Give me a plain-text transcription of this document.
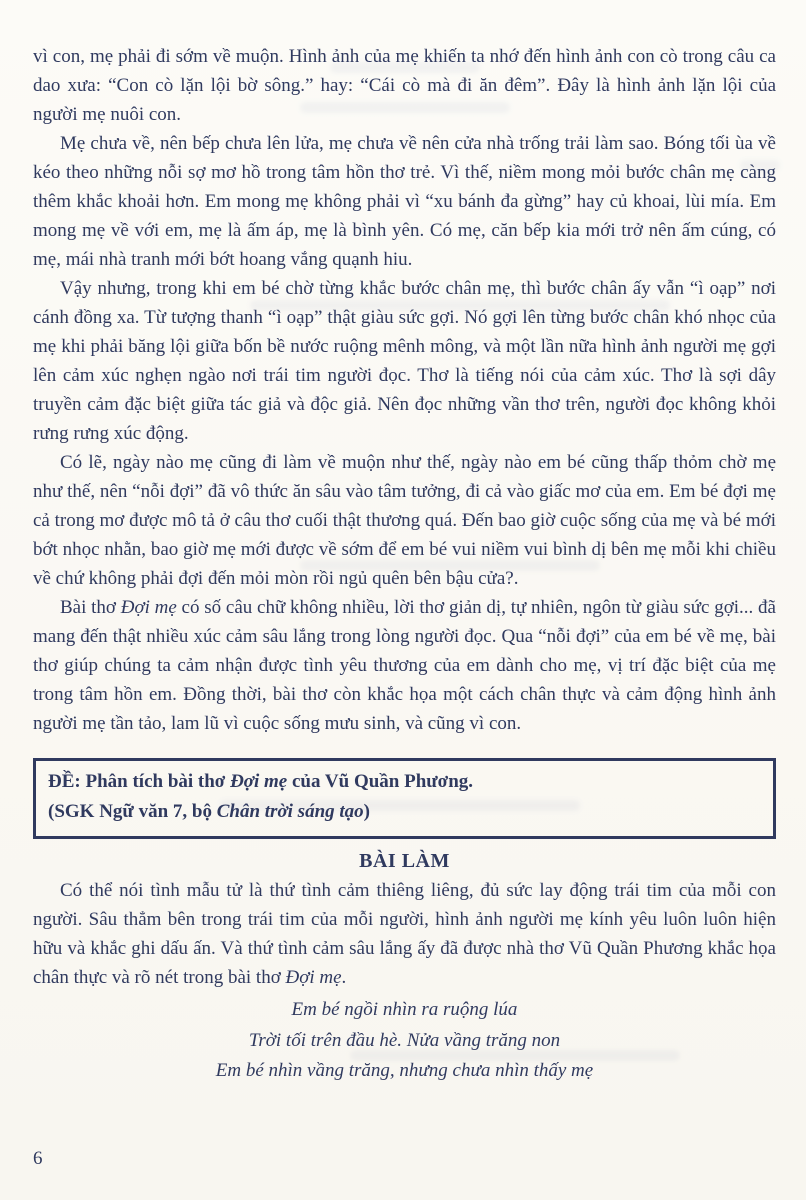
vì con, mẹ phải đi sớm về muộn. Hình ảnh của mẹ khiến ta nhớ đến hình ảnh con cò trong câu ca dao xưa: “Con cò lặn lội bờ sông.” hay: “Cái cò mà đi ăn đêm”. Đây là hình ảnh lặn lội của người mẹ nuôi con.

Mẹ chưa về, nên bếp chưa lên lửa, mẹ chưa về nên cửa nhà trống trải làm sao. Bóng tối ùa về kéo theo những nỗi sợ mơ hồ trong tâm hồn thơ trẻ. Vì thế, niềm mong mỏi bước chân mẹ càng thêm khắc khoải hơn. Em mong mẹ không phải vì “xu bánh đa gừng” hay củ khoai, lùi mía. Em mong mẹ về với em, mẹ là ấm áp, mẹ là bình yên. Có mẹ, căn bếp kia mới trở nên ấm cúng, có mẹ, mái nhà tranh mới bớt hoang vắng quạnh hiu.

Vậy nhưng, trong khi em bé chờ từng khắc bước chân mẹ, thì bước chân ấy vẫn “ì oạp” nơi cánh đồng xa. Từ tượng thanh “ì oạp” thật giàu sức gợi. Nó gợi lên từng bước chân khó nhọc của mẹ khi phải băng lội giữa bốn bề nước ruộng mênh mông, và một lần nữa hình ảnh người mẹ gợi lên cảm xúc nghẹn ngào nơi trái tim người đọc. Thơ là tiếng nói của cảm xúc. Thơ là sợi dây truyền cảm đặc biệt giữa tác giả và độc giả. Nên đọc những vần thơ trên, người đọc không khỏi rưng rưng xúc động.

Có lẽ, ngày nào mẹ cũng đi làm về muộn như thế, ngày nào em bé cũng thấp thỏm chờ mẹ như thế, nên “nỗi đợi” đã vô thức ăn sâu vào tâm tưởng, đi cả vào giấc mơ của em. Em bé đợi mẹ cả trong mơ được mô tả ở câu thơ cuối thật thương quá. Đến bao giờ cuộc sống của mẹ và bé mới bớt nhọc nhằn, bao giờ mẹ mới được về sớm để em bé vui niềm vui bình dị bên mẹ mỗi khi chiều về chứ không phải đợi đến mỏi mòn rồi ngủ quên bên bậu cửa?.

Bài thơ Đợi mẹ có số câu chữ không nhiều, lời thơ giản dị, tự nhiên, ngôn từ giàu sức gợi... đã mang đến thật nhiều xúc cảm sâu lắng trong lòng người đọc. Qua “nỗi đợi” của em bé về mẹ, bài thơ giúp chúng ta cảm nhận được tình yêu thương của em dành cho mẹ, vị trí đặc biệt của mẹ trong tâm hồn em. Đồng thời, bài thơ còn khắc họa một cách chân thực và cảm động hình ảnh người mẹ tần tảo, lam lũ vì cuộc sống mưu sinh, và cũng vì con.

ĐỀ: Phân tích bài thơ Đợi mẹ của Vũ Quần Phương.

(SGK Ngữ văn 7, bộ Chân trời sáng tạo)

BÀI LÀM

Có thể nói tình mẫu tử là thứ tình cảm thiêng liêng, đủ sức lay động trái tim của mỗi con người. Sâu thẳm bên trong trái tim của mỗi người, hình ảnh người mẹ kính yêu luôn luôn hiện hữu và khắc ghi dấu ấn. Và thứ tình cảm sâu lắng ấy đã được nhà thơ Vũ Quần Phương khắc họa chân thực và rõ nét trong bài thơ Đợi mẹ.

Em bé ngồi nhìn ra ruộng lúa
Trời tối trên đầu hè. Nửa vầng trăng non
Em bé nhìn vầng trăng, nhưng chưa nhìn thấy mẹ
6
